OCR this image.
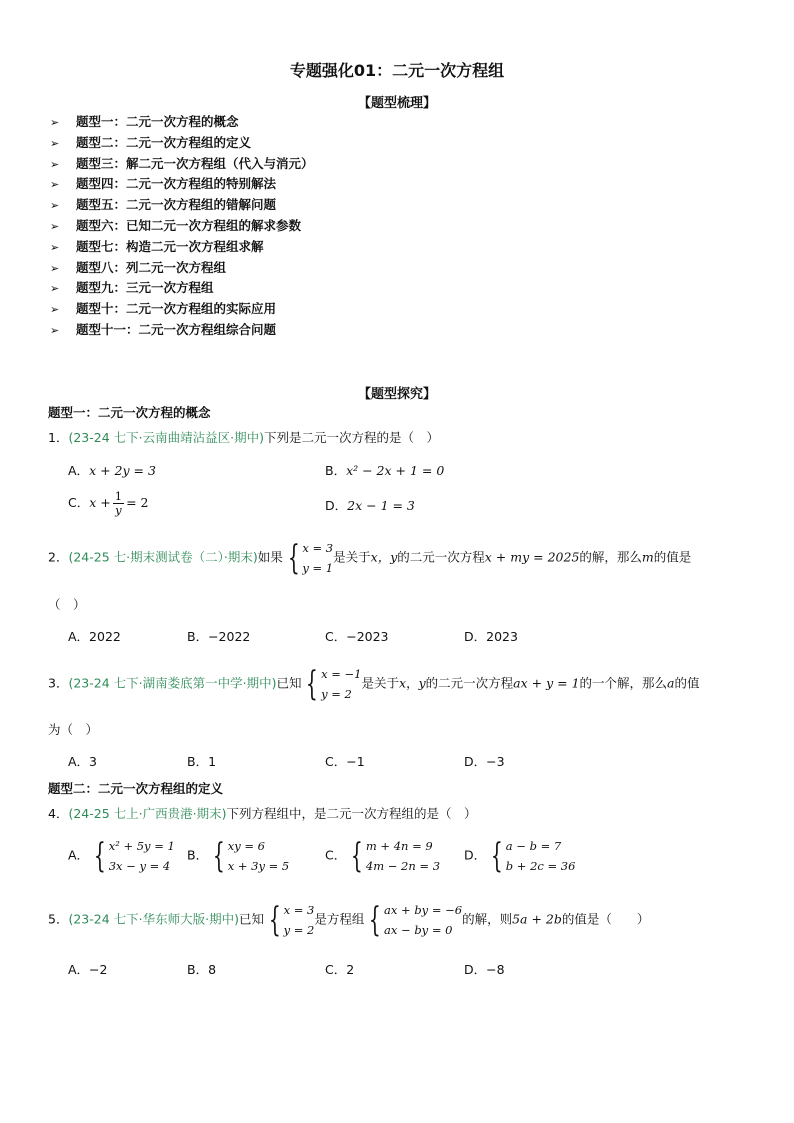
专题强化01：二元一次方程组
【题型梳理】
➢ 题型一：二元一次方程的概念
➢ 题型二：二元一次方程组的定义
➢ 题型三：解二元一次方程组（代入与消元）
➢ 题型四：二元一次方程组的特别解法
➢ 题型五：二元一次方程组的错解问题
➢ 题型六：已知二元一次方程组的解求参数
➢ 题型七：构造二元一次方程组求解
➢ 题型八：列二元一次方程组
➢ 题型九：三元一次方程组
➢ 题型十：二元一次方程组的实际应用
➢ 题型十一：二元一次方程组综合问题
【题型探究】
题型一：二元一次方程的概念
1．(23-24 七下·云南曲靖沾益区·期中)下列是二元一次方程的是（　）
A．x + 2y = 3	B．x² − 2x + 1 = 0
C．$x + \frac{1}{y} = 2$	D．2x − 1 = 3
2．(24-25 七·期末测试卷（二）·期末)如果 { x = 3
y = 1
是关于x，y的二元一次方程x + my = 2025的解，那么m的值是
（　）
A．2022	B．−2022	C．−2023	D．2023
3．(23-24 七下·湖南娄底第一中学·期中)已知 { x = −1
y = 2
是关于x，y的二元一次方程ax + y = 1的一个解，那么a的值
为（　）
A．3	B．1	C．−1	D．−3
题型二：二元一次方程组的定义
4．(24-25 七上·广西贵港·期末)下列方程组中，是二元一次方程组的是（　）
A． { x² + 5y = 1
3x − y = 4
B． { xy = 6
x + 3y = 5
C． { m + 4n = 9
4m − 2n = 3
D． { a − b = 7
b + 2c = 36
5．(23-24 七下·华东师大版·期中)已知 { x = 3
y = 2
是方程组 { ax + by = −6
ax − by = 0
的解，则5a + 2b的值是（　　）
A．−2	B．8	C．2	D．−8
